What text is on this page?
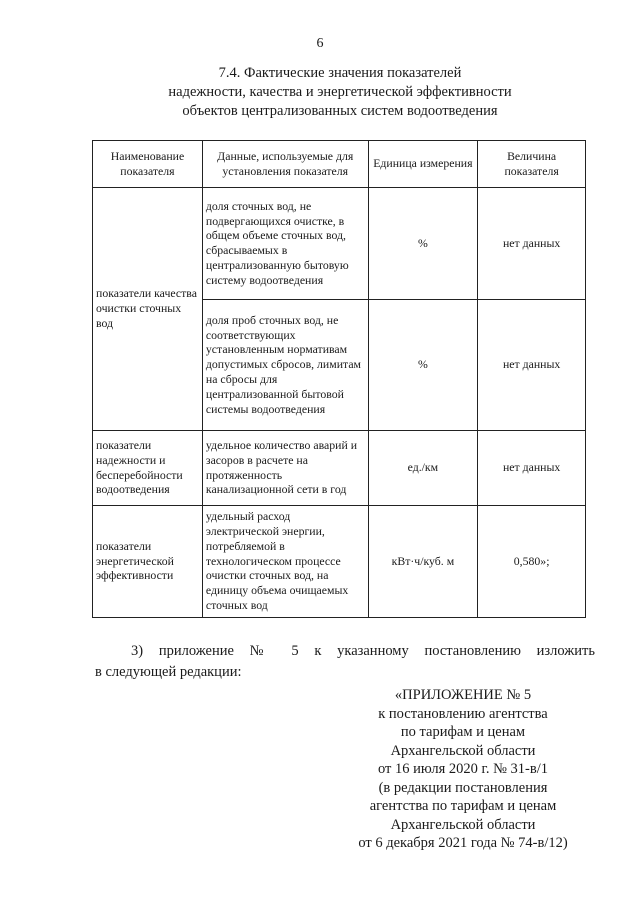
6
7.4. Фактические значения показателей
надежности, качества и энергетической эффективности
объектов централизованных систем водоотведения
Наименование показателя	Данные, используемые для установления показателя	Единица измерения	Величина показателя
показатели качества очистки сточных вод	доля сточных вод, не подвергающихся очистке, в общем объеме сточных вод, сбрасываемых в централизованную бытовую систему водоотведения	%	нет данных
	доля проб сточных вод, не соответствующих установленным нормативам допустимых сбросов, лимитам на сбросы для централизованной бытовой системы водоотведения	%	нет данных
показатели надежности и бесперебойности водоотведения	удельное количество аварий и засоров в расчете на протяженность канализационной сети в год	ед./км	нет данных
показатели энергетической эффективности	удельный расход электрической энергии, потребляемой в технологическом процессе очистки сточных вод, на единицу объема очищаемых сточных вод	кВт·ч/куб. м	0,580»;
3) приложение № 5 к указанному постановлению изложить
в следующей редакции:
«ПРИЛОЖЕНИЕ № 5
к постановлению агентства
по тарифам и ценам
Архангельской области
от 16 июля 2020 г. № 31-в/1
(в редакции постановления
агентства по тарифам и ценам
Архангельской области
от 6 декабря 2021 года № 74-в/12)
